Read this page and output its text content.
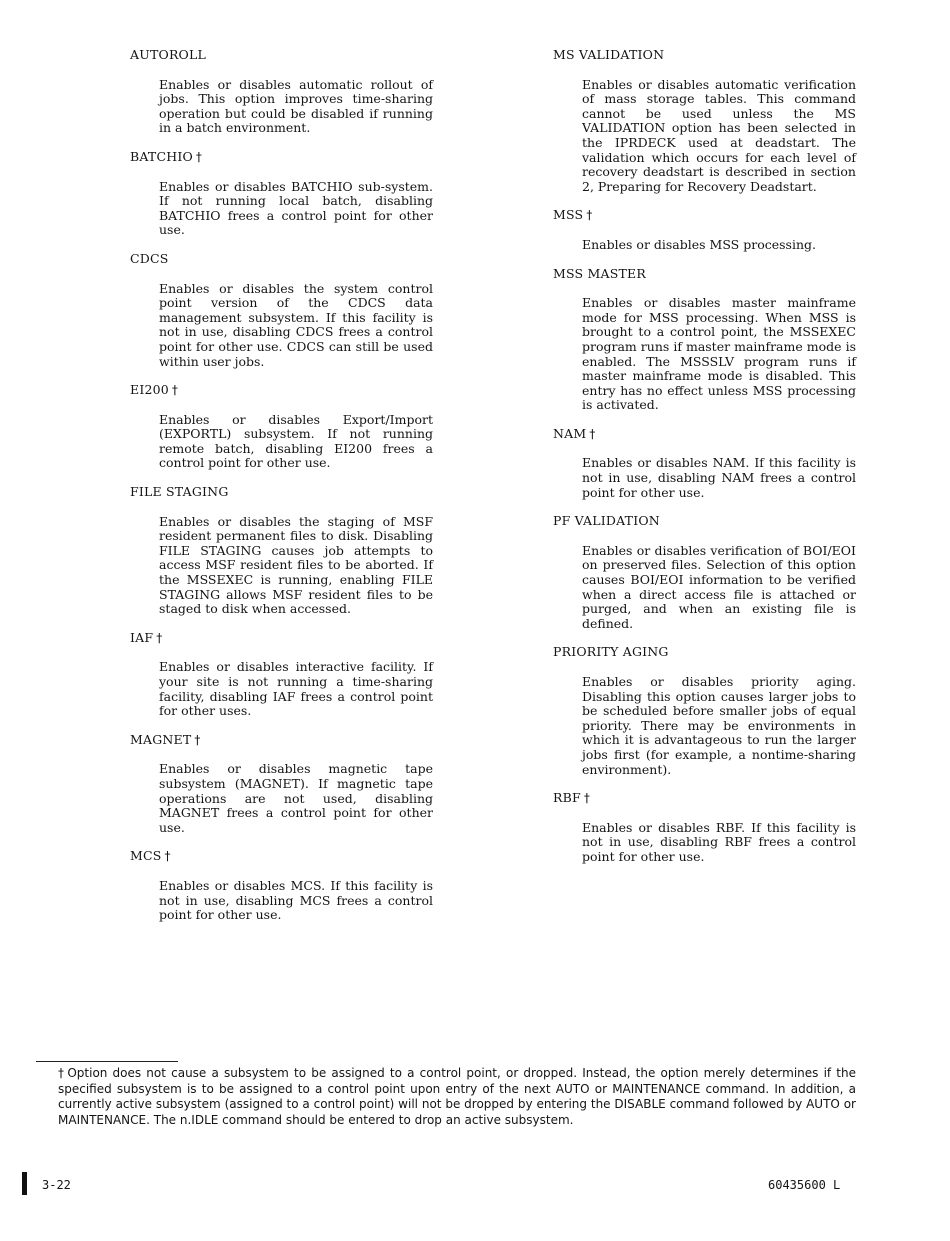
AUTOROLL
Enables or disables automatic rollout of jobs. This option improves time-sharing operation but could be disabled if running in a batch environment.
BATCHIO †
Enables or disables BATCHIO sub-system. If not running local batch, disabling BATCHIO frees a control point for other use.
CDCS
Enables or disables the system control point version of the CDCS data management subsystem. If this facility is not in use, disabling CDCS frees a control point for other use. CDCS can still be used within user jobs.
EI200 †
Enables or disables Export/Import (EXPORTL) subsystem. If not running remote batch, disabling EI200 frees a control point for other use.
FILE STAGING
Enables or disables the staging of MSF resident permanent files to disk. Disabling FILE STAGING causes job attempts to access MSF resident files to be aborted. If the MSSEXEC is running, enabling FILE STAGING allows MSF resident files to be staged to disk when accessed.
IAF †
Enables or disables interactive facility. If your site is not running a time-sharing facility, disabling IAF frees a control point for other uses.
MAGNET †
Enables or disables magnetic tape subsystem (MAGNET). If magnetic tape operations are not used, disabling MAGNET frees a control point for other use.
MCS †
Enables or disables MCS. If this facility is not in use, disabling MCS frees a control point for other use.
MS VALIDATION
Enables or disables automatic verification of mass storage tables. This command cannot be used unless the MS VALIDATION option has been selected in the IPRDECK used at deadstart. The validation which occurs for each level of recovery deadstart is described in section 2, Preparing for Recovery Deadstart.
MSS †
Enables or disables MSS processing.
MSS MASTER
Enables or disables master mainframe mode for MSS processing. When MSS is brought to a control point, the MSSEXEC program runs if master mainframe mode is enabled. The MSSSLV program runs if master mainframe mode is disabled. This entry has no effect unless MSS processing is activated.
NAM †
Enables or disables NAM. If this facility is not in use, disabling NAM frees a control point for other use.
PF VALIDATION
Enables or disables verification of BOI/EOI on preserved files. Selection of this option causes BOI/EOI information to be verified when a direct access file is attached or purged, and when an existing file is defined.
PRIORITY AGING
Enables or disables priority aging. Disabling this option causes larger jobs to be scheduled before smaller jobs of equal priority. There may be environments in which it is advantageous to run the larger jobs first (for example, a nontime-sharing environment).
RBF †
Enables or disables RBF. If this facility is not in use, disabling RBF frees a control point for other use.
† Option does not cause a subsystem to be assigned to a control point, or dropped. Instead, the option merely determines if the specified subsystem is to be assigned to a control point upon entry of the next AUTO or MAINTENANCE command. In addition, a currently active subsystem (assigned to a control point) will not be dropped by entering the DISABLE command followed by AUTO or MAINTENANCE. The n.IDLE command should be entered to drop an active subsystem.
3-22	60435600 L
